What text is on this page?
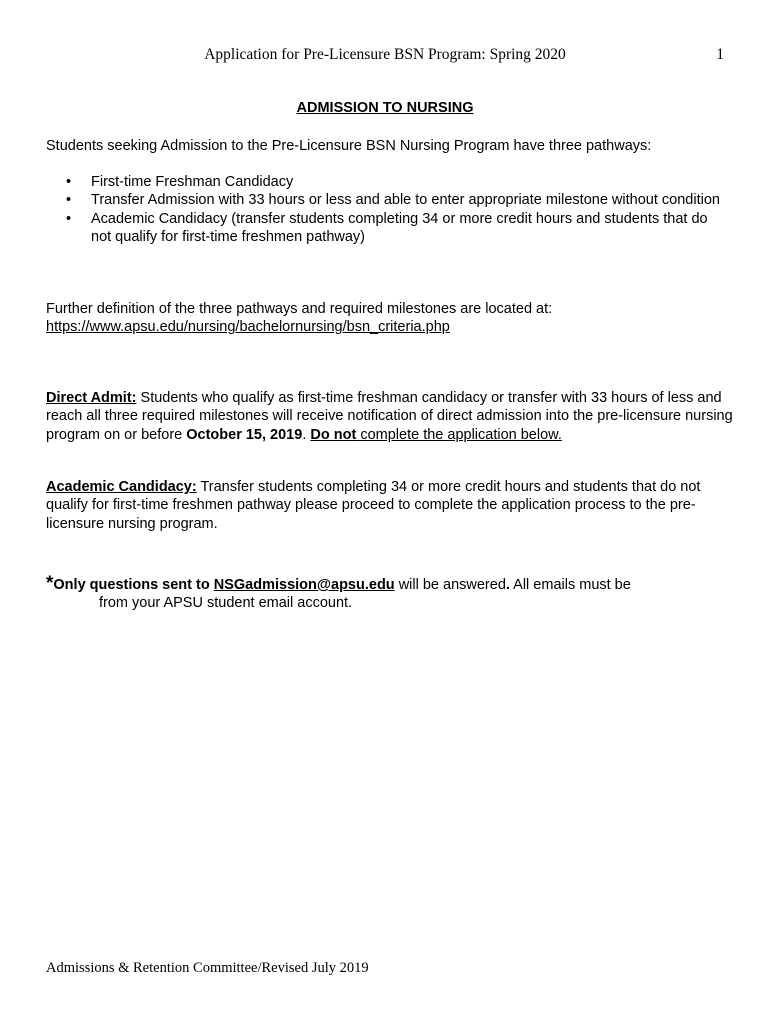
Application for Pre-Licensure BSN Program: Spring 2020	1
ADMISSION TO NURSING
Students seeking Admission to the Pre-Licensure BSN Nursing Program have three pathways:
• First-time Freshman Candidacy
• Transfer Admission with 33 hours or less and able to enter appropriate milestone without condition
• Academic Candidacy (transfer students completing 34 or more credit hours and students that do not qualify for first-time freshmen pathway)
Further definition of the three pathways and required milestones are located at:
https://www.apsu.edu/nursing/bachelornursing/bsn_criteria.php
Direct Admit: Students who qualify as first-time freshman candidacy or transfer with 33 hours of less and reach all three required milestones will receive notification of direct admission into the pre-licensure nursing program on or before October 15, 2019. Do not complete the application below.
Academic Candidacy: Transfer students completing 34 or more credit hours and students that do not qualify for first-time freshmen pathway please proceed to complete the application process to the pre-licensure nursing program.
*Only questions sent to NSGadmission@apsu.edu will be answered. All emails must be
from your APSU student email account.
Admissions & Retention Committee/Revised July 2019
